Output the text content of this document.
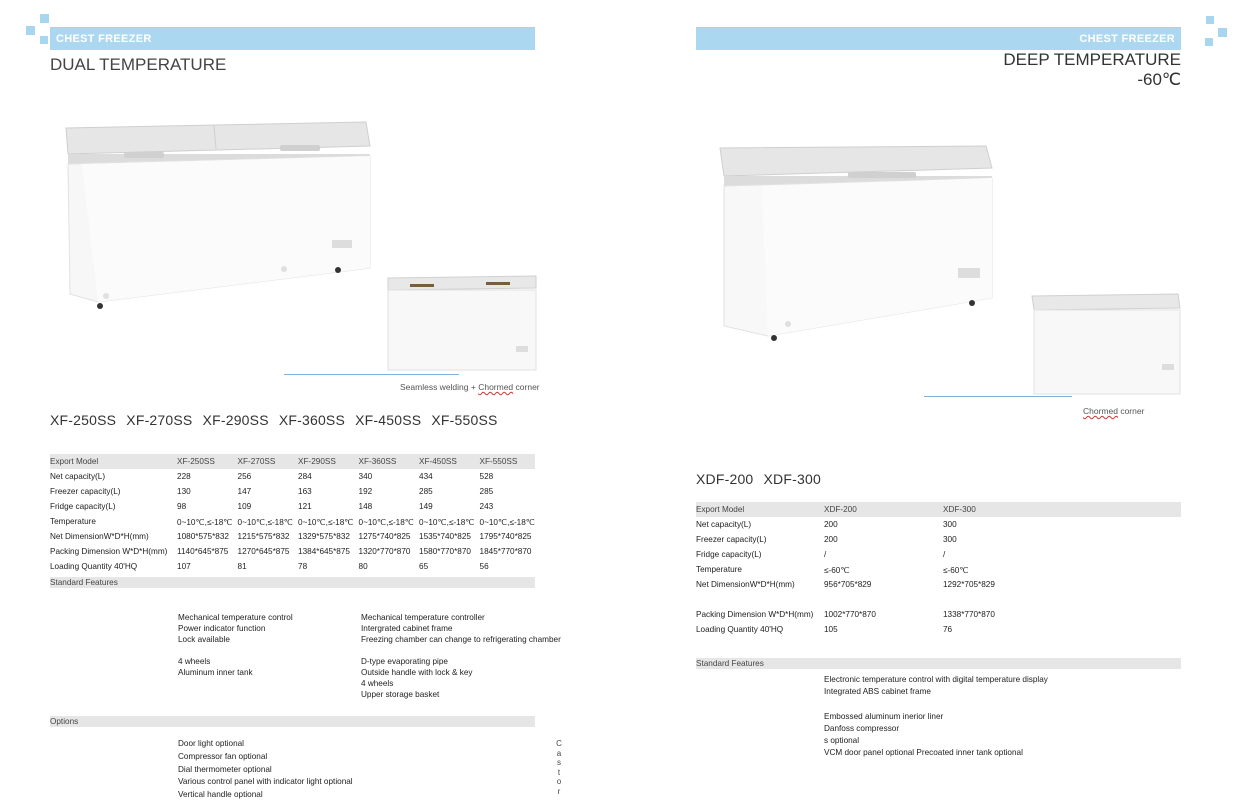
CHEST FREEZER
DUAL TEMPERATURE
Seamless welding + Chormed corner
XF-250SS XF-270SS XF-290SS XF-360SS XF-450SS XF-550SS
Export Model	XF-250SS	XF-270SS	XF-290SS	XF-360SS	XF-450SS	XF-550SS
Net capacity(L)	228	256	284	340	434	528
Freezer capacity(L)	130	147	163	192	285	285
Fridge capacity(L)	98	109	121	148	149	243
Temperature	0~10℃,≤-18℃	0~10℃,≤-18℃	0~10℃,≤-18℃	0~10℃,≤-18℃	0~10℃,≤-18℃	0~10℃,≤-18℃
Net DimensionW*D*H(mm)	1080*575*832	1215*575*832	1329*575*832	1275*740*825	1535*740*825	1795*740*825
Packing Dimension W*D*H(mm)	1140*645*875	1270*645*875	1384*645*875	1320*770*870	1580*770*870	1845*770*870
Loading Quantity 40'HQ	107	81	78	80	65	56
Standard Features
Mechanical temperature control
Power indicator function
Lock available

4 wheels
Aluminum inner tank
Mechanical temperature controller
Intergrated cabinet frame
Freezing chamber can change to refrigerating chamber

D-type evaporating pipe
Outside handle with lock & key
4 wheels
Upper storage basket
Options
Door light optional
Compressor fan optional
Dial thermometer optional
Various control panel with indicator light optional
Vertical handle optional
C
a
s
t
o
r
CHEST FREEZER
DEEP TEMPERATURE
-60℃
Chormed corner
XDF-200 XDF-300
Export Model	XDF-200	XDF-300
Net capacity(L)	200	300
Freezer capacity(L)	200	300
Fridge capacity(L)	/	/
Temperature	≤-60℃	≤-60℃
Net DimensionW*D*H(mm)	956*705*829	1292*705*829

Packing Dimension W*D*H(mm)	1002*770*870	1338*770*870
Loading Quantity 40'HQ	105	76
Standard Features
Electronic temperature control with digital temperature display
Integrated ABS cabinet frame

Embossed aluminum inerior liner
Danfoss compressor
s optional
VCM door panel optional Precoated inner tank optional
